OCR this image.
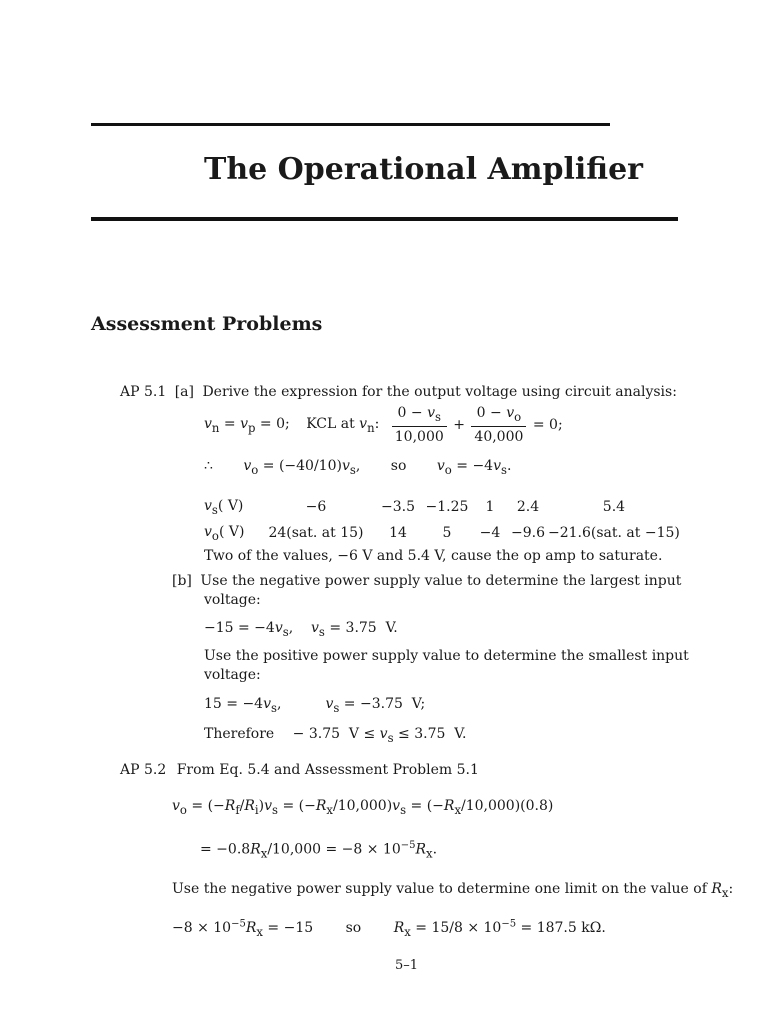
The Operational Amplifier
Assessment Problems
AP 5.1 [a] Derive the expression for the output voltage using circuit analysis:
$v_n = v_p = 0$; KCL at $v_n$: $\frac{0 - v_s}{10,000} + \frac{0 - v_o}{40,000} = 0$;
∴ $v_o = (-40/10)v_s$, so $v_o = -4v_s$.
$v_s$( V)	−6	−3.5	−1.25	1	2.4	5.4
$v_o$( V)	24(sat. at 15)	14	5	−4	−9.6	−21.6(sat. at −15)
Two of the values, −6 V and 5.4 V, cause the op amp to saturate.
[b] Use the negative power supply value to determine the largest input
voltage:
$-15 = -4v_s$,    $v_s = 3.75$  V.
Use the positive power supply value to determine the smallest input
voltage:
$15 = -4v_s$,	$v_s = -3.75$  V;
Therefore − 3.75  $V \le v_s \le 3.75$  V.
AP 5.2 From Eq. 5.4 and Assessment Problem 5.1
$v_o = (-R_f/R_i)v_s = (-R_x/10,000)v_s = (-R_x/10,000)(0.8)$
= $-0.8R_x/10,000 = -8 \times 10^{-5}R_x$.
Use the negative power supply value to determine one limit on the value of $R_x$:
$-8 \times 10^{-5}R_x = -15$ so $R_x = 15/8 \times 10^{-5} = 187.5$ kΩ.
5–1
